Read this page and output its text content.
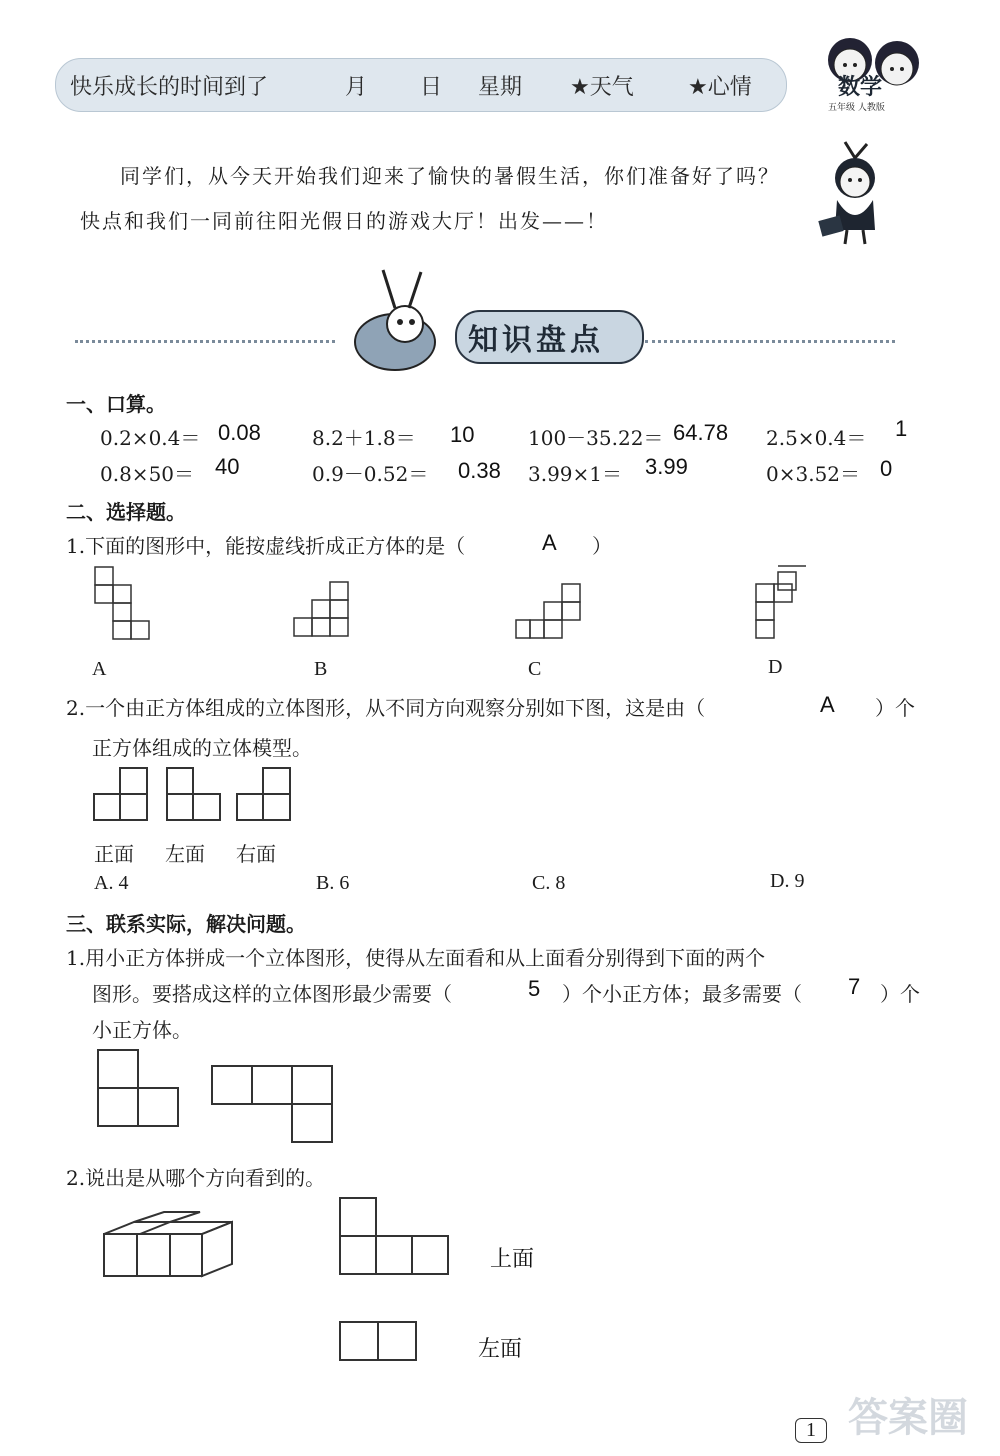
快乐成长的时间到了	月 日 星期 ★天气 ★心情	数学
五年级 人教版
同学们，从今天开始我们迎来了愉快的暑假生活，你们准备好了吗？
快点和我们一同前往阳光假日的游戏大厅！出发——！
知识盘点
一、口算。
0.2×0.4＝ 0.08	8.2＋1.8＝ 10	100－35.22＝ 64.78 2.5×0.4＝ 1
0.8×50＝ 40	0.9－0.52＝ 0.38 3.99×1＝ 3.99	0×3.52＝ 0
二、选择题。
1.下面的图形中，能按虚线折成正方体的是（	A ）
A	B	C	D
2.一个由正方体组成的立体图形，从不同方向观察分别如下图，这是由（	A ）个
正方体组成的立体模型。
正面 左面 右面
A. 4	B. 6	C. 8	D. 9
三、联系实际，解决问题。
1.用小正方体拼成一个立体图形，使得从左面看和从上面看分别得到下面的两个
图形。要搭成这样的立体图形最少需要（	5 ）个小正方体；最多需要（ 7 ）个
小正方体。
2.说出是从哪个方向看到的。
上面
左面
1 答案圈
